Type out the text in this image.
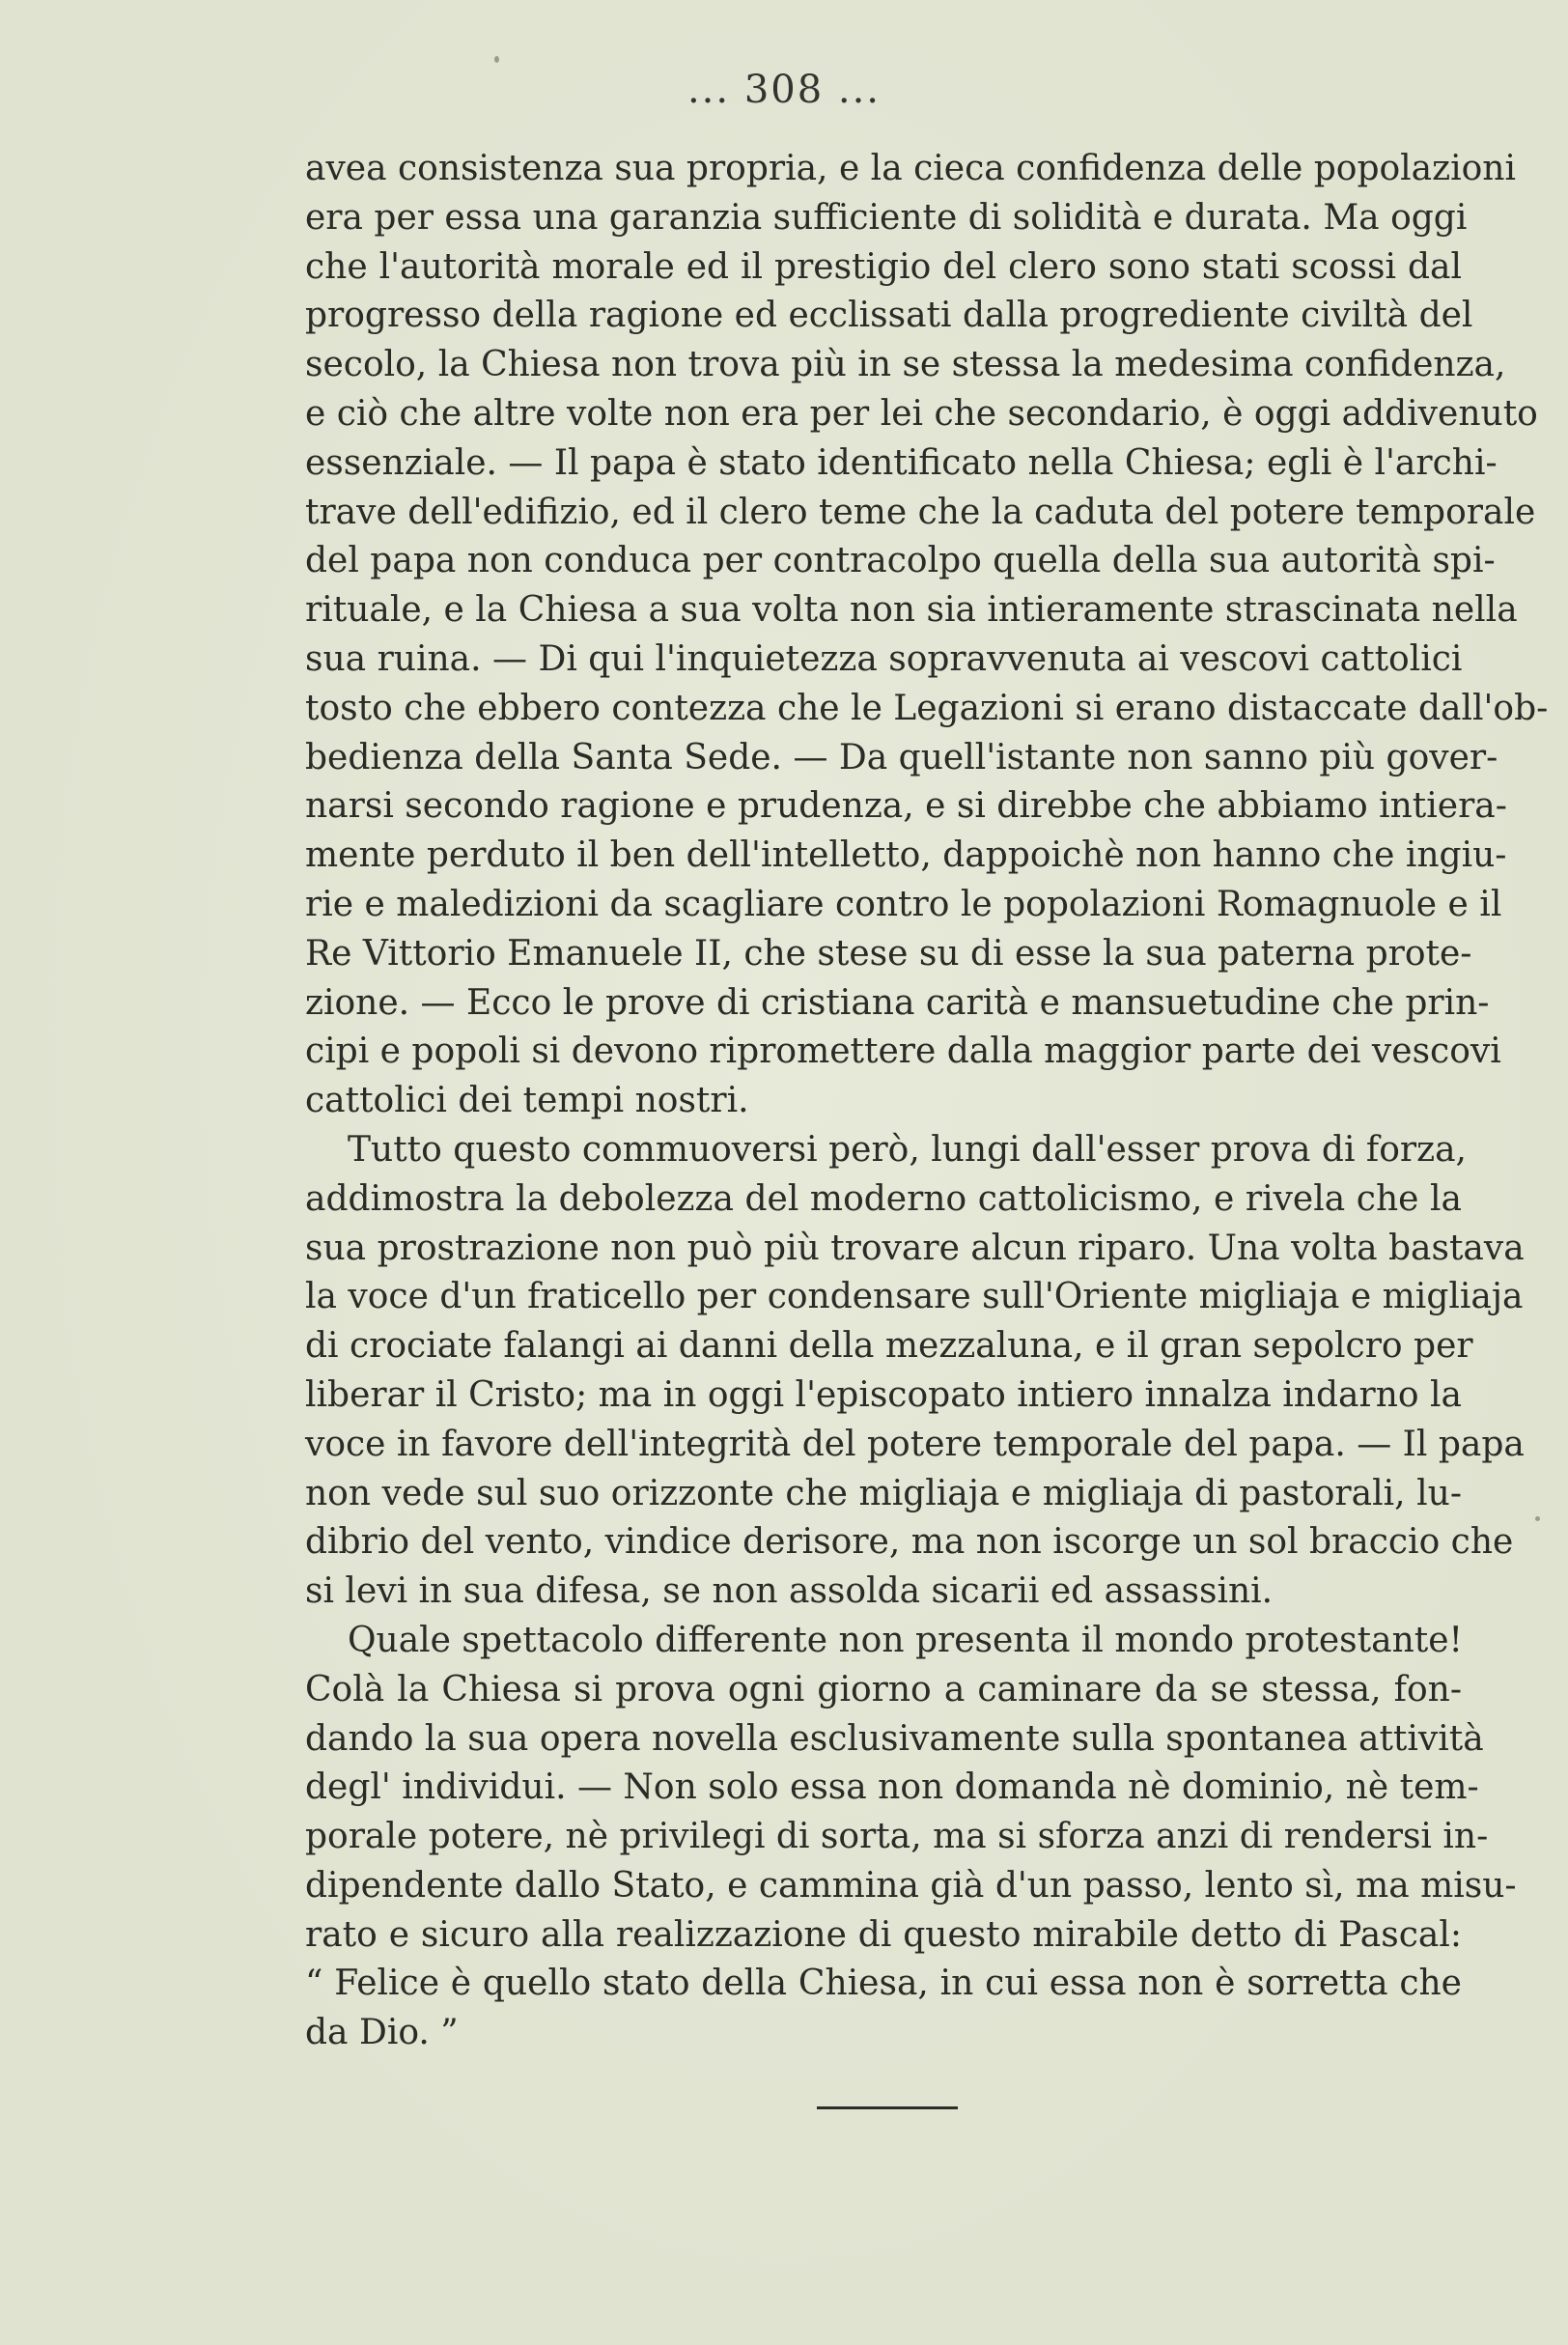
... 308 ...

avea consistenza sua propria, e la cieca confidenza delle popolazioni
era per essa una garanzia sufficiente di solidità e durata. Ma oggi
che l'autorità morale ed il prestigio del clero sono stati scossi dal
progresso della ragione ed ecclissati dalla progrediente civiltà del
secolo, la Chiesa non trova più in se stessa la medesima confidenza,
e ciò che altre volte non era per lei che secondario, è oggi addivenuto
essenziale. — Il papa è stato identificato nella Chiesa; egli è l'archi-
trave dell'edifizio, ed il clero teme che la caduta del potere temporale
del papa non conduca per contracolpo quella della sua autorità spi-
rituale, e la Chiesa a sua volta non sia intieramente strascinata nella
sua ruina. — Di qui l'inquietezza sopravvenuta ai vescovi cattolici
tosto che ebbero contezza che le Legazioni si erano distaccate dall'ob-
bedienza della Santa Sede. — Da quell'istante non sanno più gover-
narsi secondo ragione e prudenza, e si direbbe che abbiamo intiera-
mente perduto il ben dell'intelletto, dappoichè non hanno che ingiu-
rie e maledizioni da scagliare contro le popolazioni Romagnuole e il
Re Vittorio Emanuele II, che stese su di esse la sua paterna prote-
zione. — Ecco le prove di cristiana carità e mansuetudine che prin-
cipi e popoli si devono ripromettere dalla maggior parte dei vescovi
cattolici dei tempi nostri.

Tutto questo commuoversi però, lungi dall'esser prova di forza,
addimostra la debolezza del moderno cattolicismo, e rivela che la
sua prostrazione non può più trovare alcun riparo. Una volta bastava
la voce d'un fraticello per condensare sull'Oriente migliaja e migliaja
di crociate falangi ai danni della mezzaluna, e il gran sepolcro per
liberar il Cristo; ma in oggi l'episcopato intiero innalza indarno la
voce in favore dell'integrità del potere temporale del papa. — Il papa
non vede sul suo orizzonte che migliaja e migliaja di pastorali, lu-
dibrio del vento, vindice derisore, ma non iscorge un sol braccio che
si levi in sua difesa, se non assolda sicarii ed assassini.

Quale spettacolo differente non presenta il mondo protestante!
Colà la Chiesa si prova ogni giorno a caminare da se stessa, fon-
dando la sua opera novella esclusivamente sulla spontanea attività
degl' individui. — Non solo essa non domanda nè dominio, nè tem-
porale potere, nè privilegi di sorta, ma si sforza anzi di rendersi in-
dipendente dallo Stato, e cammina già d'un passo, lento sì, ma misu-
rato e sicuro alla realizzazione di questo mirabile detto di Pascal:
“ Felice è quello stato della Chiesa, in cui essa non è sorretta che
da Dio. ”
